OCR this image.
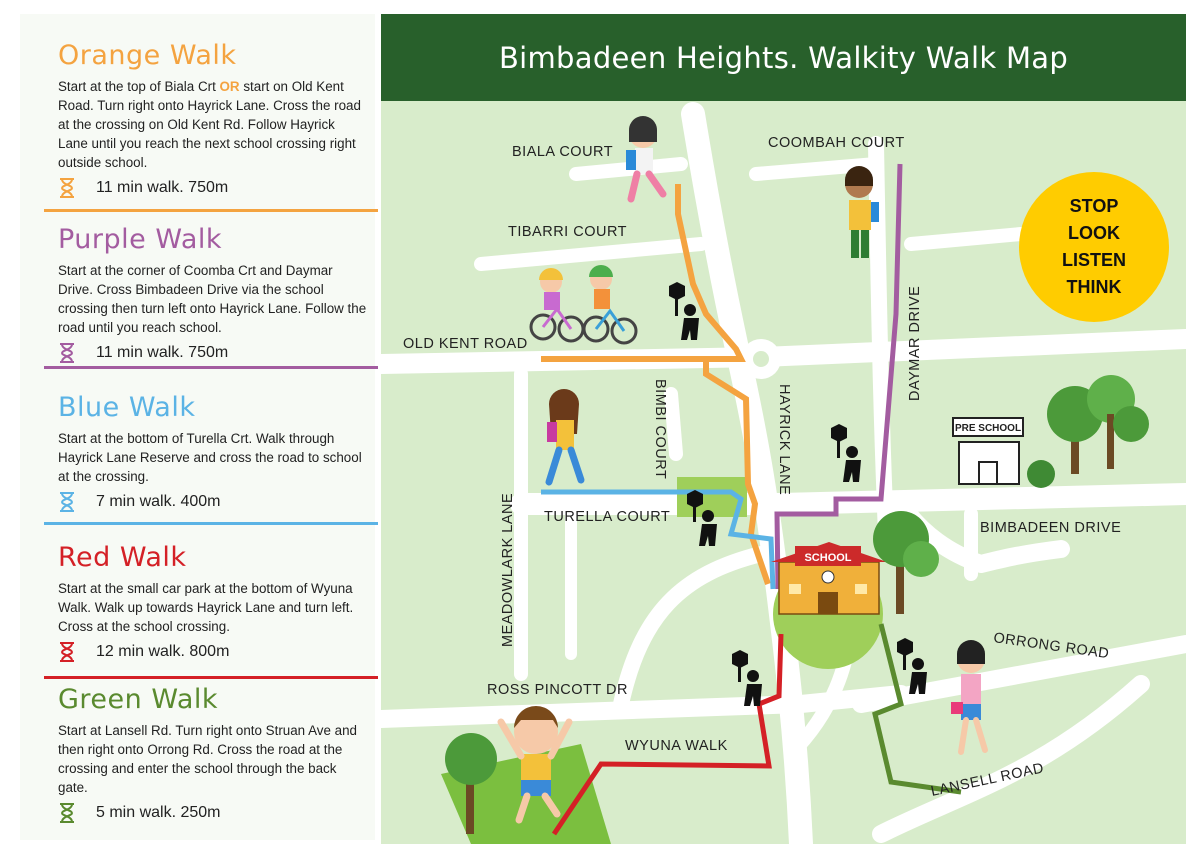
Orange Walk
Start at the top of Biala Crt OR start on Old Kent Road. Turn right onto Hayrick Lane. Cross the road at the crossing on Old Kent Rd. Follow Hayrick Lane until you reach the next school crossing right outside school.
11 min walk. 750m
Purple Walk
Start at the corner of Coomba Crt and Daymar Drive. Cross Bimbadeen Drive via the school crossing then turn left onto Hayrick Lane. Follow the road until you reach school.
11 min walk. 750m
Blue Walk
Start at the bottom of Turella Crt. Walk through Hayrick Lane Reserve and cross the road to school at the crossing.
7 min walk. 400m
Red Walk
Start at the small car park at the bottom of Wyuna Walk. Walk up towards Hayrick Lane and turn left. Cross at the school crossing.
12 min walk. 800m
Green Walk
Start at Lansell Rd. Turn right onto Struan Ave and then right onto Orrong Rd. Cross the road at the crossing and enter the school through the back gate.
5 min walk. 250m
SCHOOL
PRE SCHOOL
BIALA COURT
COOMBAH COURT
TIBARRI COURT
OLD KENT ROAD	DAYMAR DRIVE
BIMBI COURT	HAYRICK LANE
TURELLA COURT
BIMBADEEN DRIVE
MEADOWLARK LANE	ORRONG ROAD
ROSS PINCOTT DR
WYUNA WALK
LANSELL ROAD
Bimbadeen Heights. Walkity Walk Map
STOP
LOOK
LISTEN
THINK
